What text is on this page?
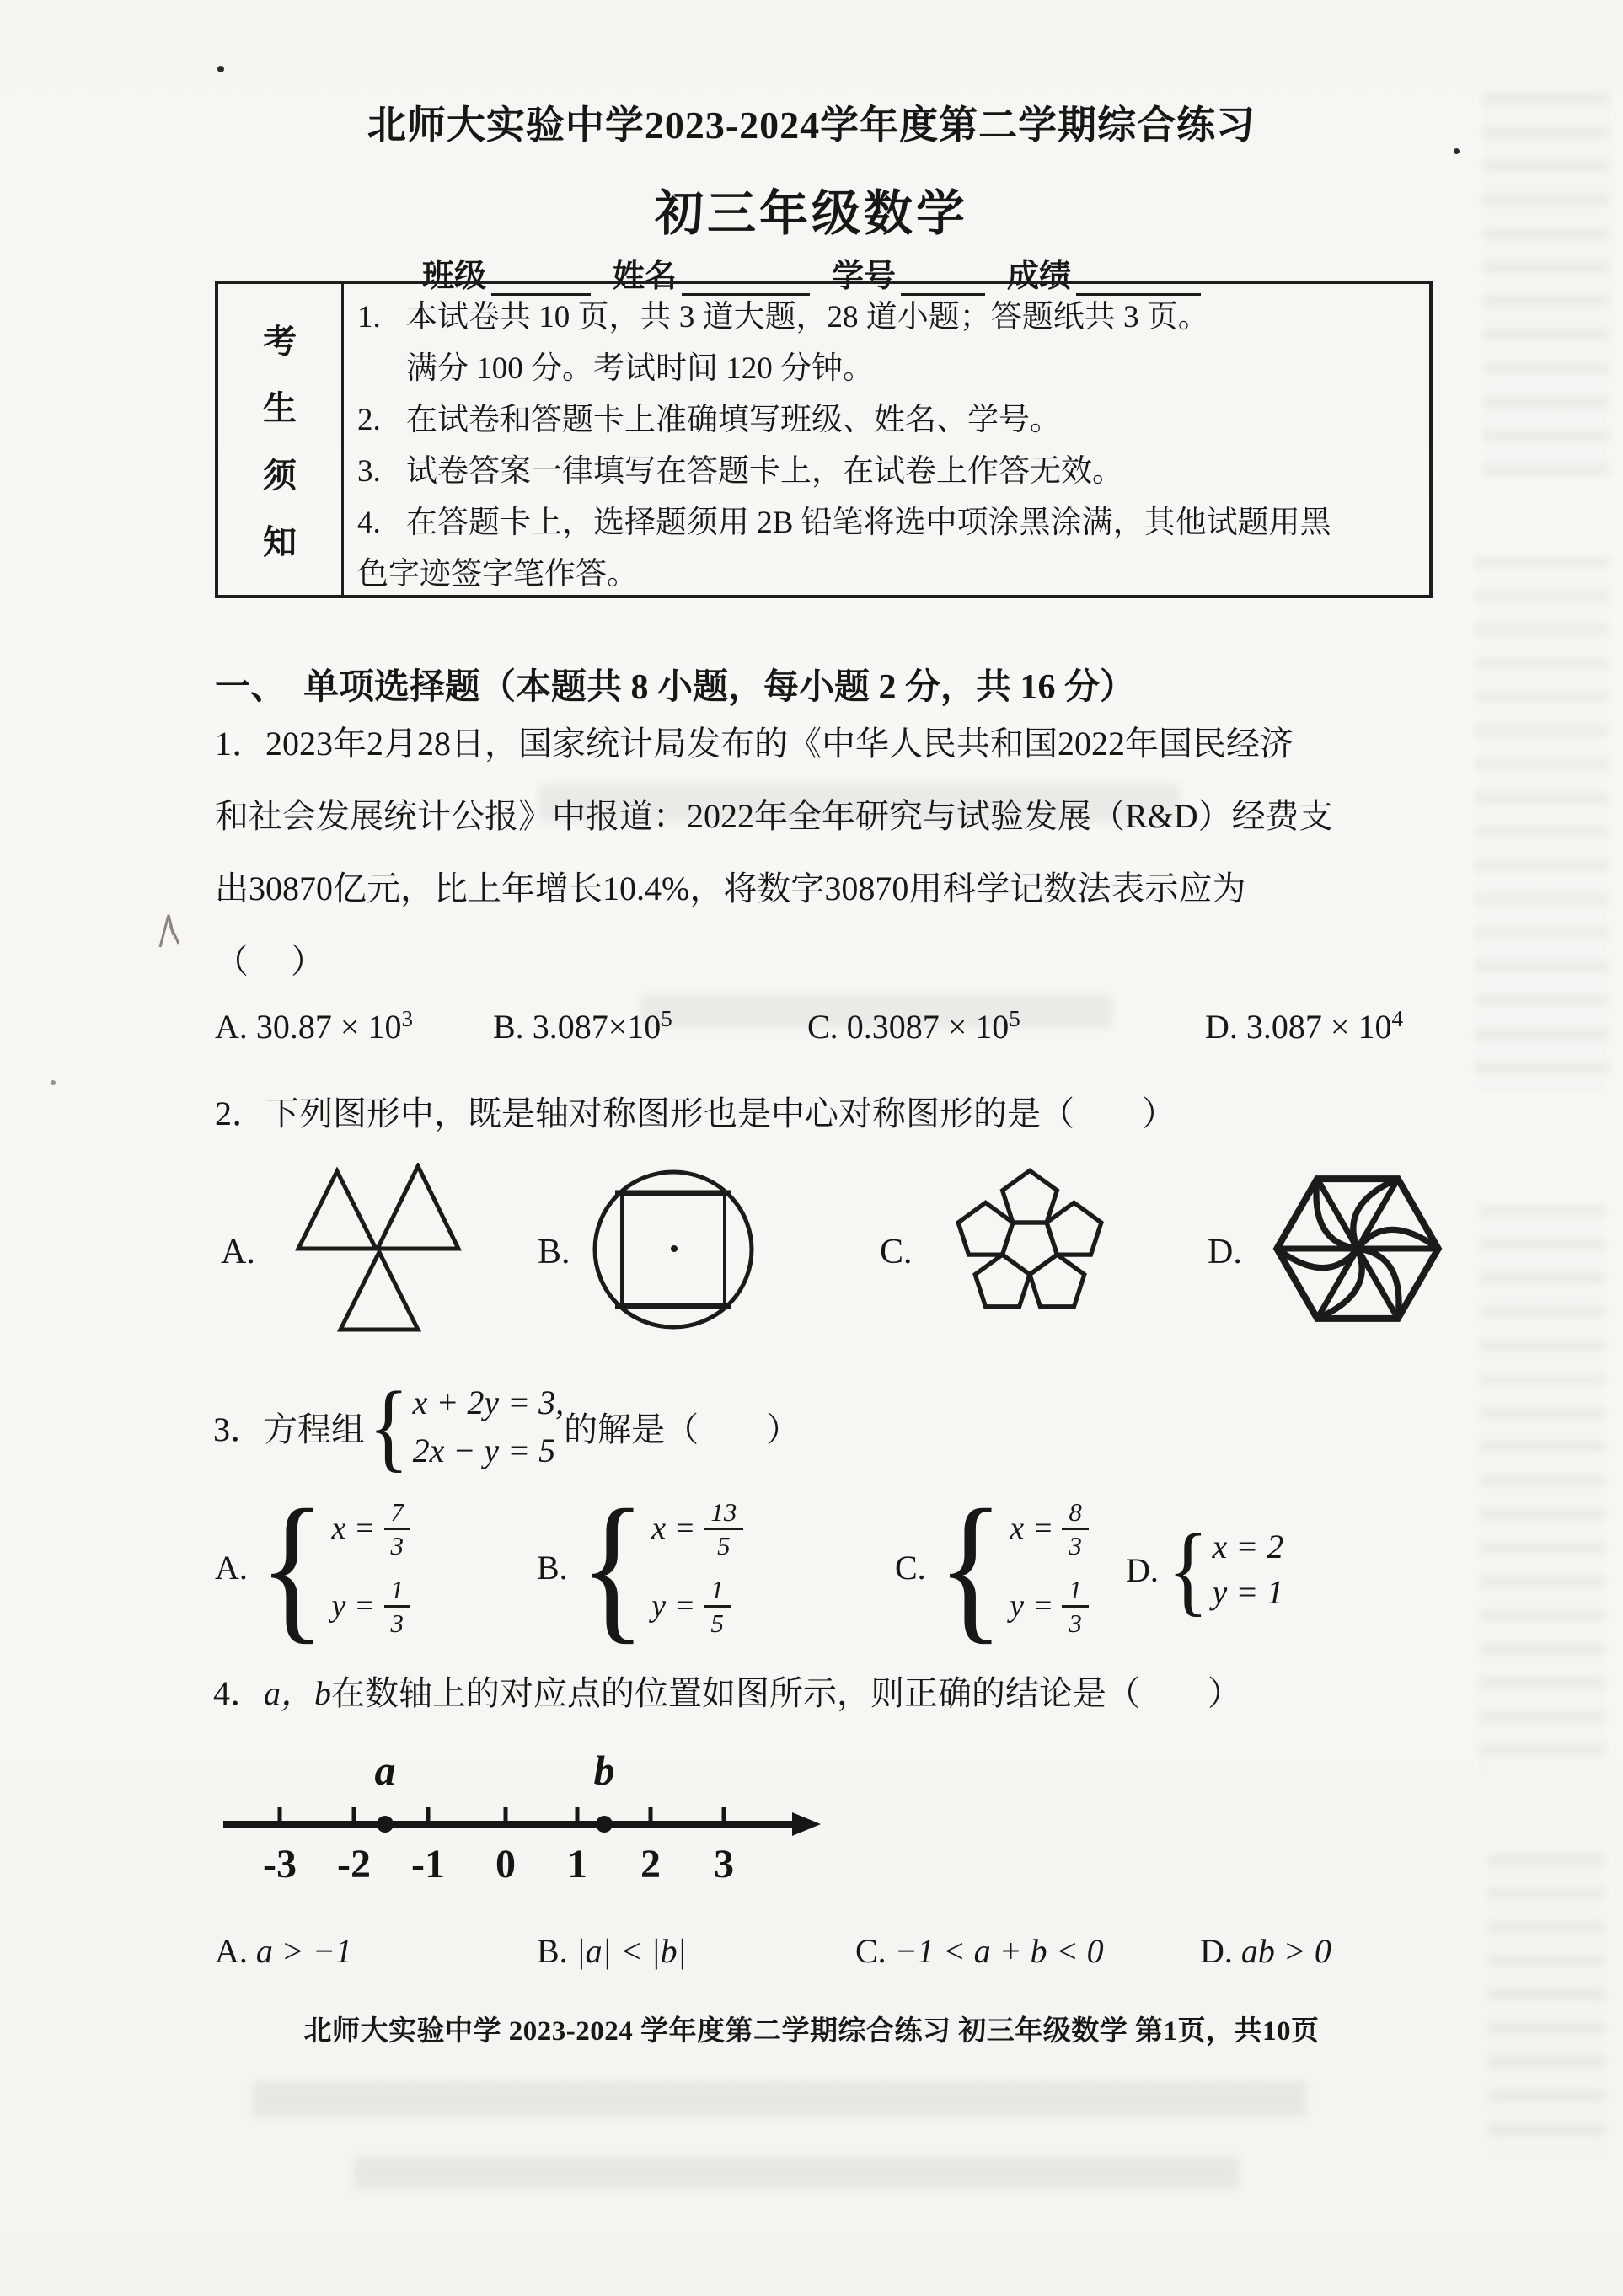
北师大实验中学2023-2024学年度第二学期综合练习
初三年级数学
班级	姓名	学号	成绩
考
生
须
知
1. 本试卷共 10 页，共 3 道大题，28 道小题；答题纸共 3 页。
满分 100 分。考试时间 120 分钟。
2. 在试卷和答题卡上准确填写班级、姓名、学号。
3. 试卷答案一律填写在答题卡上，在试卷上作答无效。
4. 在答题卡上，选择题须用 2B 铅笔将选中项涂黑涂满，其他试题用黑
色字迹签字笔作答。
一、　单项选择题（本题共 8 小题，每小题 2 分，共 16 分）
1．2023年2月28日，国家统计局发布的《中华人民共和国2022年国民经济
和社会发展统计公报》中报道：2022年全年研究与试验发展（R&D）经费支
出30870亿元，比上年增长10.4%，将数字30870用科学记数法表示应为
（　 ）
A. $30.87 \times 10^3$ B. $3.087\times 10^5$	C. $0.3087 \times 10^5$	D. $3.087 \times 10^4$
2．下列图形中，既是轴对称图形也是中心对称图形的是（　　）
A.	B.	C.	D.
3．方程组 { x + 2y = 3,
2x − y = 5
的解是（　　）
A. { $x = \frac{7}{3}$
$y = \frac{1}{3}$
B. { $x = \frac{13}{5}$
$y = \frac{1}{5}$
C. { $x = \frac{8}{3}$
$y = \frac{1}{3}$
D. { x = 2
y = 1
4．a，b在数轴上的对应点的位置如图所示，则正确的结论是（　　）
a	b
-3 -2 -1 0 1 2 3
A. a > −1	B. |a| < |b|	C. −1 < a + b < 0	D. ab > 0
北师大实验中学 2023-2024 学年度第二学期综合练习 初三年级数学 第1页，共10页
